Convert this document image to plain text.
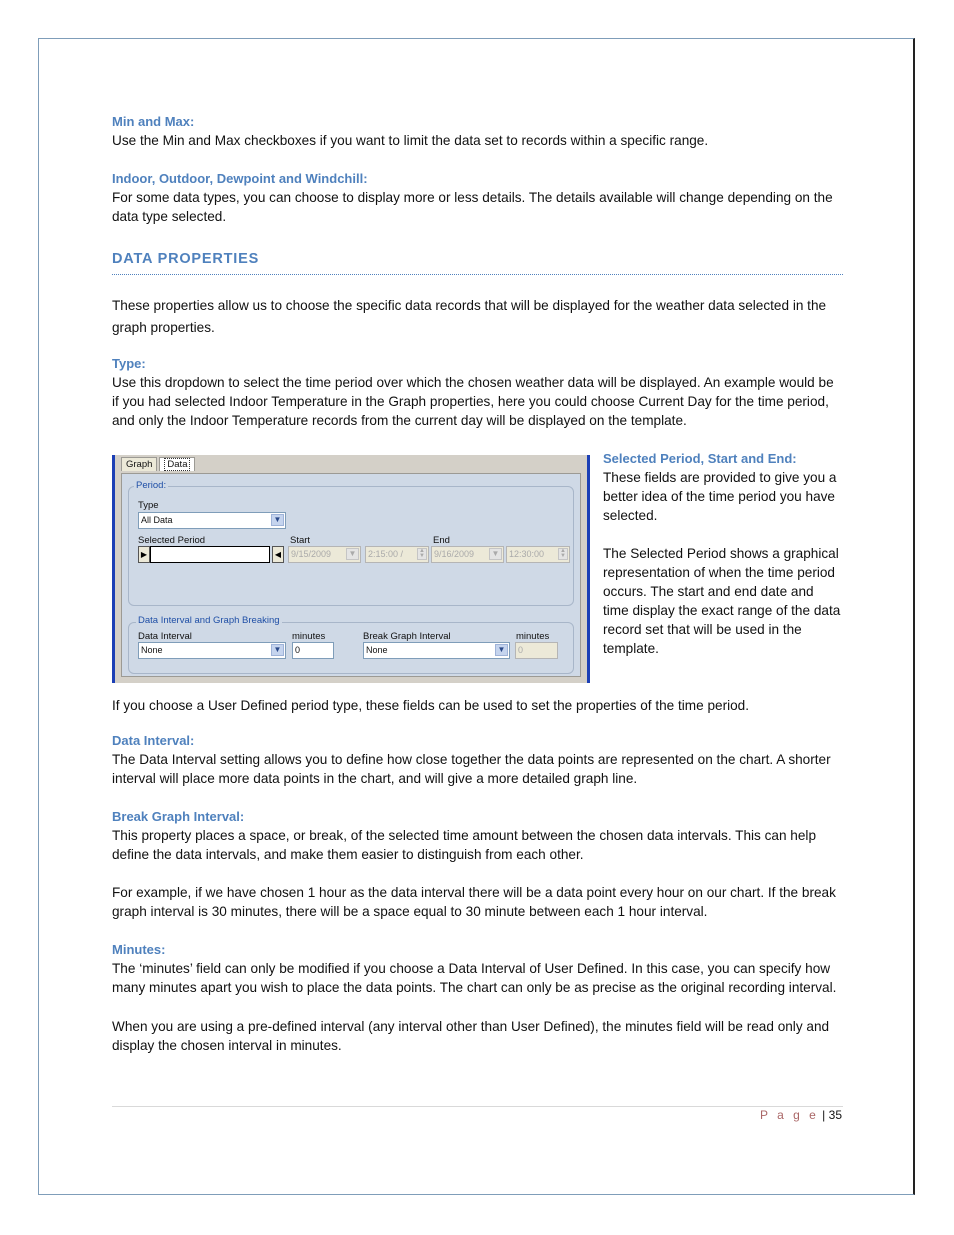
Min and Max:
Use the Min and Max checkboxes if you want to limit the data set to records within a specific range.
Indoor, Outdoor, Dewpoint and Windchill:
For some data types, you can choose to display more or less details. The details available will change depending on the data type selected.
DATA PROPERTIES
These properties allow us to choose the specific data records that will be displayed for the weather data selected in the graph properties.
Type:
Use this dropdown to select the time period over which the chosen weather data will be displayed. An example would be if you had selected Indoor Temperature in the Graph properties, here you could choose Current Day for the time period, and only the Indoor Temperature records from the current day will be displayed on the template.
Graph	Data
Period:
Type
All Data	▼
Selected Period
▶	◀
Start
9/15/2009	▼	2:15:00 /	▲
▼
End
9/16/2009	▼	12:30:00	▲
▼
Data Interval and Graph Breaking
Data Interval
None	▼
minutes
0
Break Graph Interval
None	▼
minutes
0
Selected Period, Start and End:
These fields are provided to give you a better idea of the time period you have selected.
The Selected Period shows a graphical representation of when the time period occurs. The start and end date and time display the exact range of the data record set that will be used in the template.
If you choose a User Defined period type, these fields can be used to set the properties of the time period.
Data Interval:
The Data Interval setting allows you to define how close together the data points are represented on the chart. A shorter interval will place more data points in the chart, and will give a more detailed graph line.
Break Graph Interval:
This property places a space, or break, of the selected time amount between the chosen data intervals. This can help define the data intervals, and make them easier to distinguish from each other.
For example, if we have chosen 1 hour as the data interval there will be a data point every hour on our chart. If the break graph interval is 30 minutes, there will be a space equal to 30 minute between each 1 hour interval.
Minutes:
The ‘minutes’ field can only be modified if you choose a Data Interval of User Defined. In this case, you can specify how many minutes apart you wish to place the data points. The chart can only be as precise as the original recording interval.
When you are using a pre-defined interval (any interval other than User Defined), the minutes field will be read only and display the chosen interval in minutes.
P a g e | 35
